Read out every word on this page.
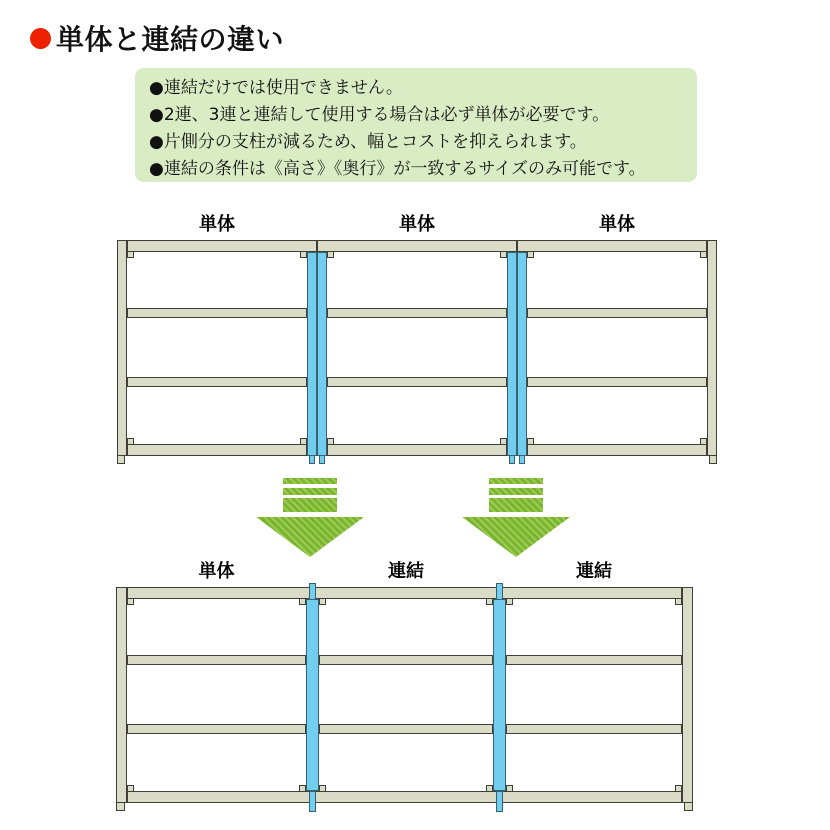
単体と連結の違い
●連結だけでは使用できません。
●2連、3連と連結して使用する場合は必ず単体が必要です。
●片側分の支柱が減るため、幅とコストを抑えられます。
●連結の条件は《高さ》《奥行》が一致するサイズのみ可能です。
単体	単体	単体
単体	連結	連結
